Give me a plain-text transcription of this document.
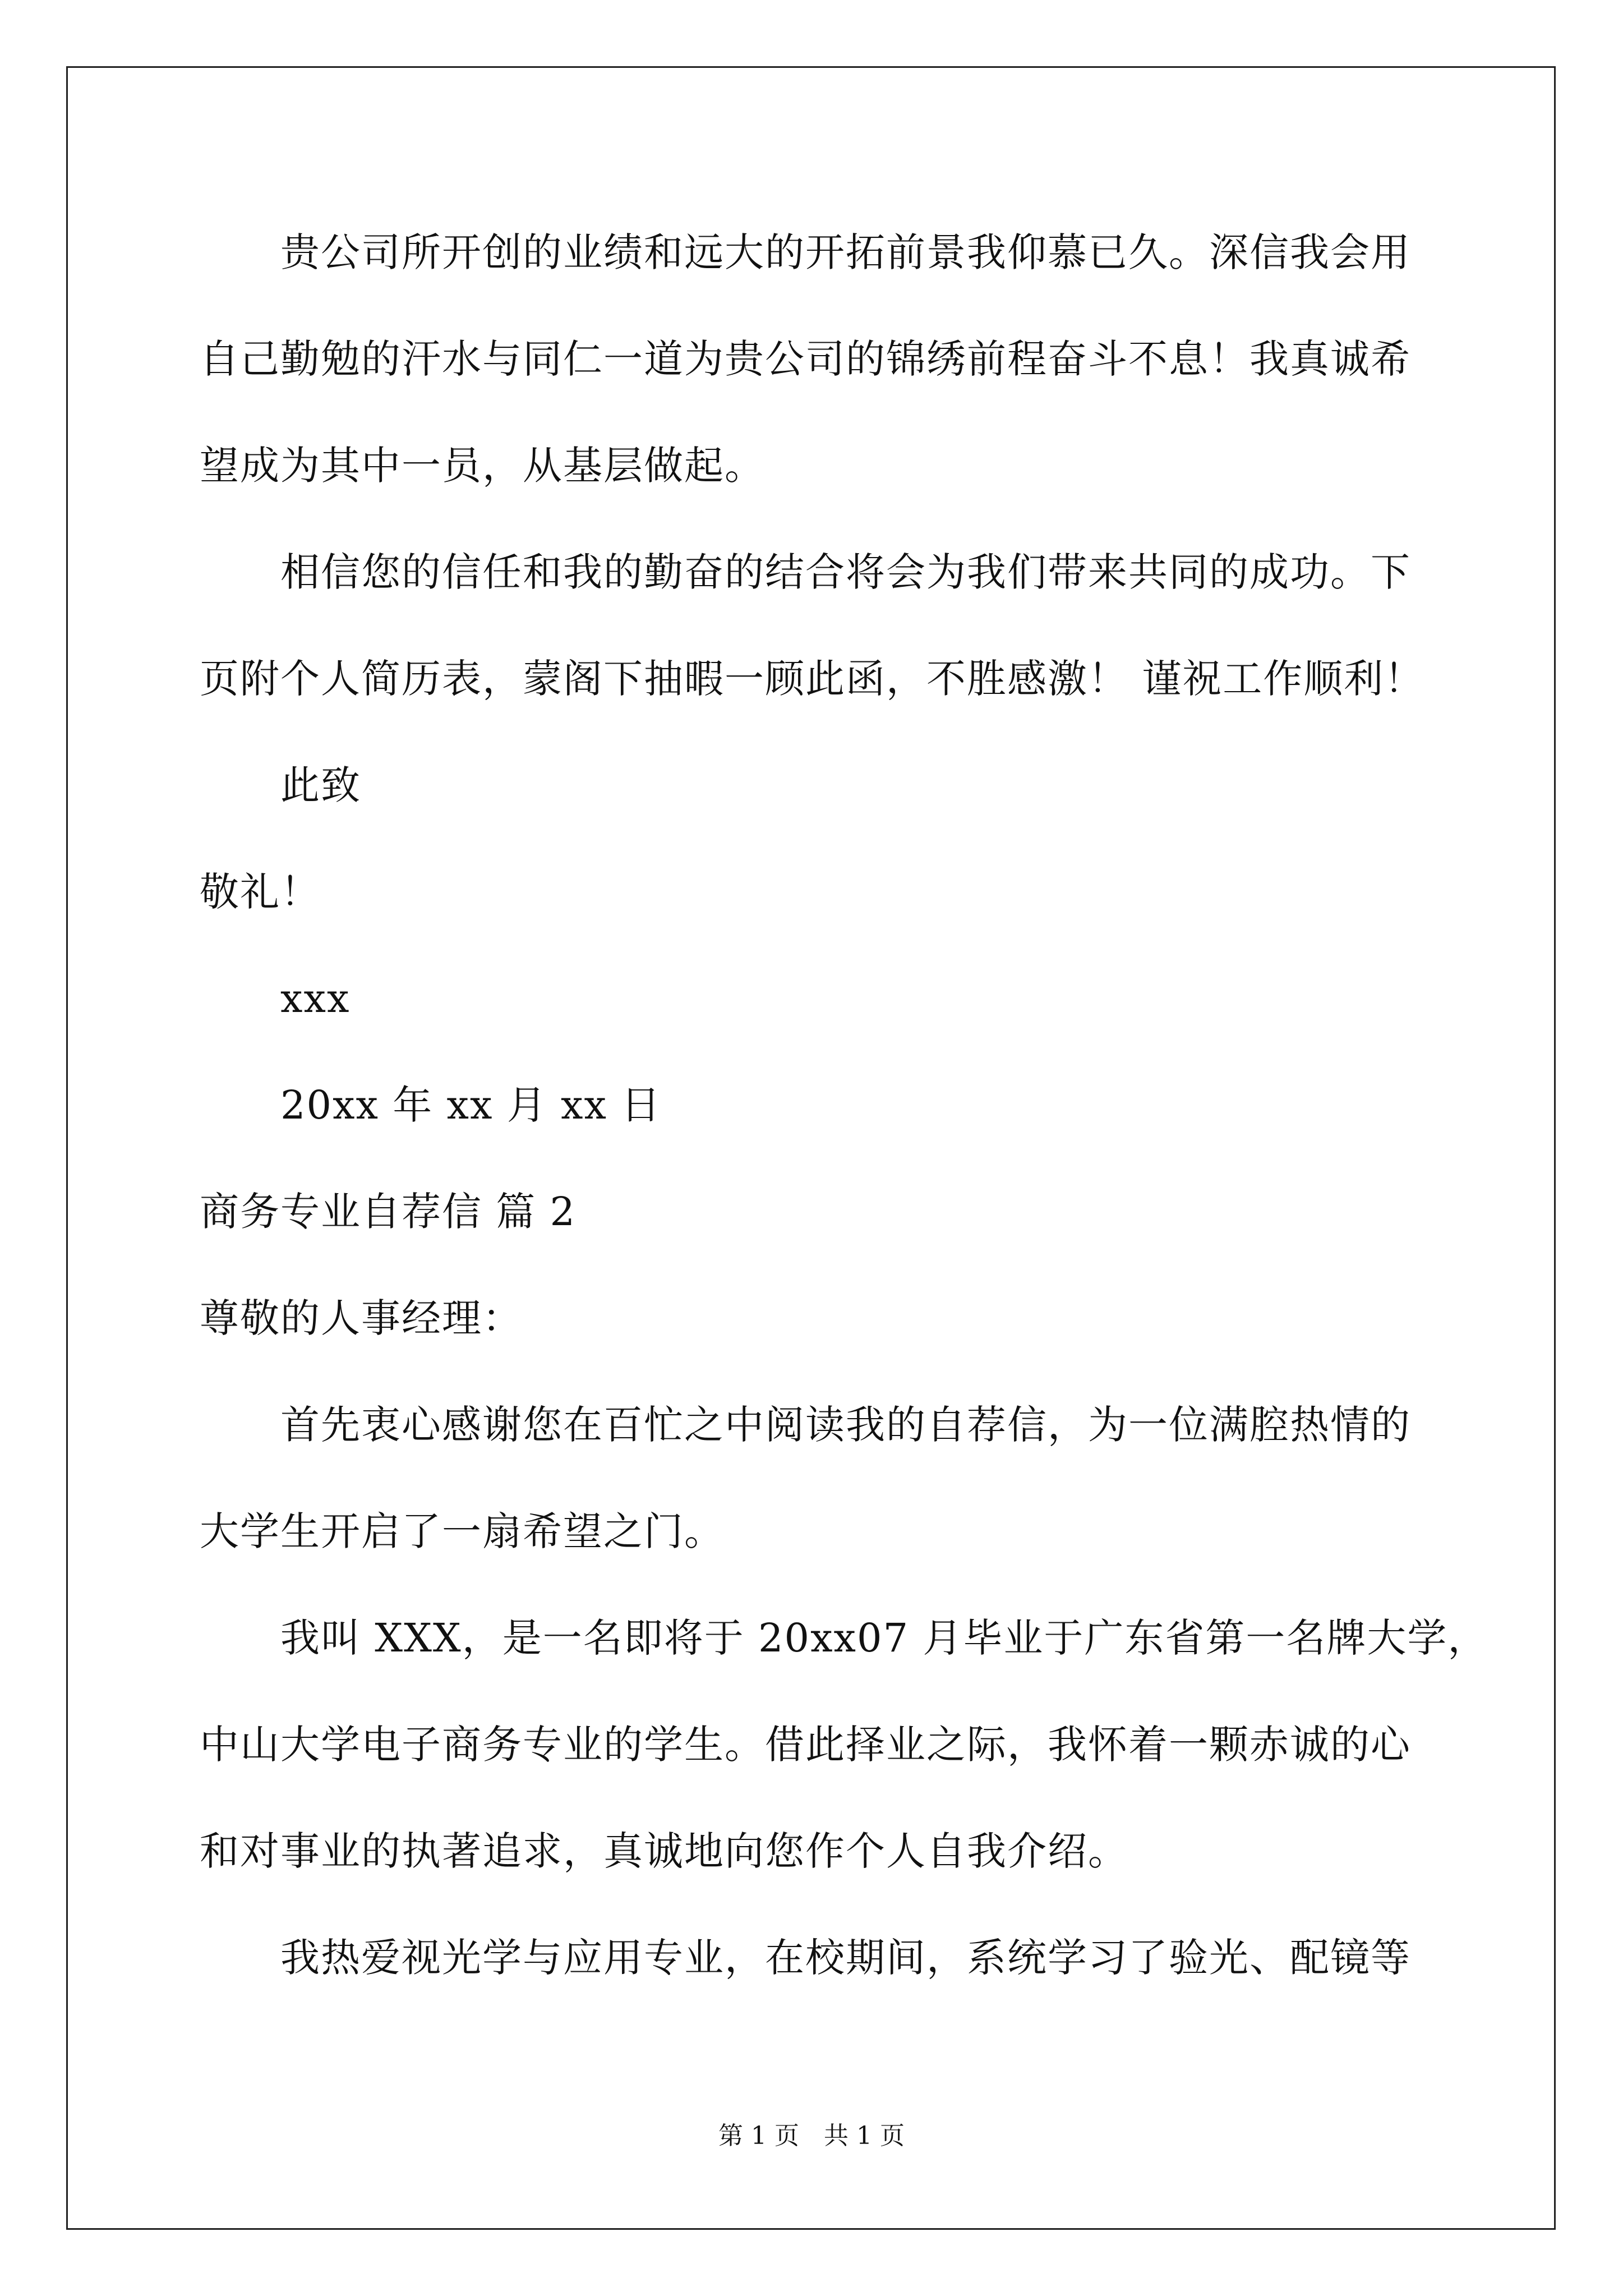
贵公司所开创的业绩和远大的开拓前景我仰慕已久。深信我会用
自己勤勉的汗水与同仁一道为贵公司的锦绣前程奋斗不息！我真诚希
望成为其中一员，从基层做起。
相信您的信任和我的勤奋的结合将会为我们带来共同的成功。下
页附个人简历表，蒙阁下抽暇一顾此函，不胜感激！ 谨祝工作顺利！
此致
敬礼！
xxx
20xx 年 xx 月 xx 日
商务专业自荐信 篇 2
尊敬的人事经理：
首先衷心感谢您在百忙之中阅读我的自荐信，为一位满腔热情的
大学生开启了一扇希望之门。
我叫 XXX，是一名即将于 20xx07 月毕业于广东省第一名牌大学，
中山大学电子商务专业的学生。借此择业之际，我怀着一颗赤诚的心
和对事业的执著追求，真诚地向您作个人自我介绍。
我热爱视光学与应用专业，在校期间，系统学习了验光、配镜等
第 1 页　共 1 页
